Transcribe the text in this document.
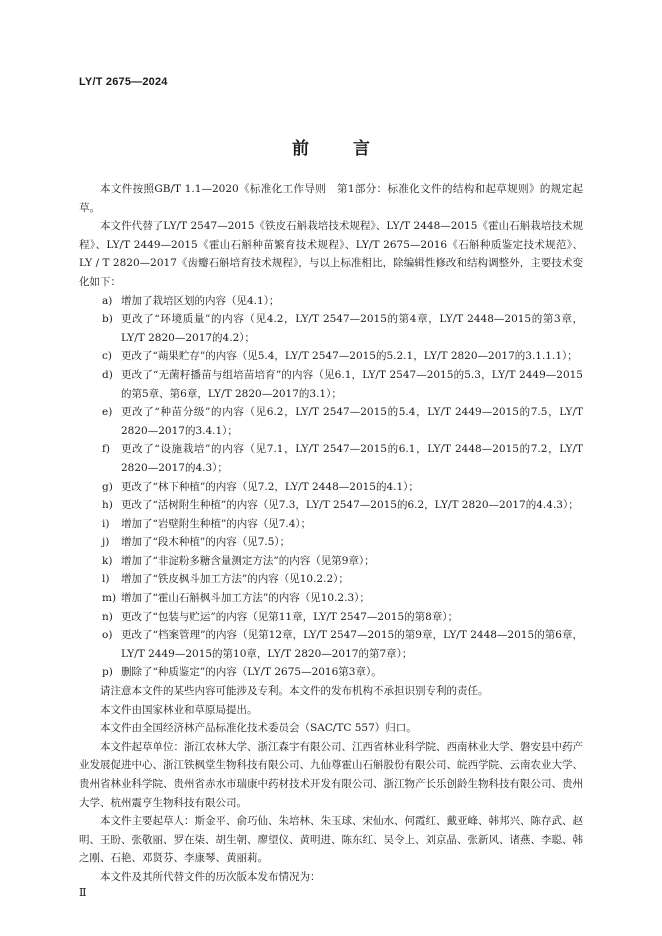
LY/T 2675—2024
前	言

本文件按照GB/T 1.1—2020《标准化工作导则　第1部分：标准化文件的结构和起草规则》的规定起草。

本文件代替了LY/T 2547—2015《铁皮石斛栽培技术规程》、LY/T 2448—2015《霍山石斛栽培技术规程》、LY/T 2449—2015《霍山石斛种苗繁育技术规程》、LY/T 2675—2016《石斛种质鉴定技术规范》、LY / T 2820—2017《齿瓣石斛培育技术规程》，与以上标准相比，除编辑性修改和结构调整外，主要技术变化如下：

a) 增加了栽培区划的内容（见4.1）；
b) 更改了“环境质量”的内容（见4.2，LY/T 2547—2015的第4章，LY/T 2448—2015的第3章，LY/T 2820—2017的4.2）；
c) 更改了“蒴果贮存”的内容（见5.4，LY/T 2547—2015的5.2.1，LY/T 2820—2017的3.1.1.1）；
d) 更改了“无菌籽播苗与组培苗培育”的内容（见6.1，LY/T 2547—2015的5.3，LY/T 2449—2015的第5章、第6章，LY/T 2820—2017的3.1）；
e) 更改了“种苗分级”的内容（见6.2，LY/T 2547—2015的5.4，LY/T 2449—2015的7.5，LY/T 2820—2017的3.4.1）；
f) 更改了“设施栽培”的内容（见7.1，LY/T 2547—2015的6.1，LY/T 2448—2015的7.2，LY/T 2820—2017的4.3）；
g) 更改了“林下种植”的内容（见7.2，LY/T 2448—2015的4.1）；
h) 更改了“活树附生种植”的内容（见7.3，LY/T 2547—2015的6.2，LY/T 2820—2017的4.4.3）；
i) 增加了“岩壁附生种植”的内容（见7.4）；
j) 增加了“段木种植”的内容（见7.5）；
k) 增加了“非淀粉多糖含量测定方法”的内容（见第9章）；
l) 增加了“铁皮枫斗加工方法”的内容（见10.2.2）；
m) 增加了“霍山石斛枫斗加工方法”的内容（见10.2.3）；
n) 更改了“包装与贮运”的内容（见第11章，LY/T 2547—2015的第8章）；
o) 更改了“档案管理”的内容（见第12章，LY/T 2547—2015的第9章，LY/T 2448—2015的第6章，LY/T 2449—2015的第10章，LY/T 2820—2017的第7章）；
p) 删除了“种质鉴定”的内容（LY/T 2675—2016第3章）。

请注意本文件的某些内容可能涉及专利。本文件的发布机构不承担识别专利的责任。

本文件由国家林业和草原局提出。

本文件由全国经济林产品标准化技术委员会（SAC/TC 557）归口。

本文件起草单位：浙江农林大学、浙江森宇有限公司、江西省林业科学院、西南林业大学、磐安县中药产业发展促进中心、浙江铁枫堂生物科技有限公司、九仙尊霍山石斛股份有限公司、皖西学院、云南农业大学、贵州省林业科学院、贵州省赤水市瑞康中药材技术开发有限公司、浙江物产长乐创龄生物科技有限公司、贵州大学、杭州震亨生物科技有限公司。

本文件主要起草人：斯金平、俞巧仙、朱培林、朱玉球、宋仙水、何霞红、戴亚峰、韩邦兴、陈存武、赵明、王盼、张敬丽、罗在柒、胡生朝、廖望仪、黄明进、陈东红、吴令上、刘京晶、张新风、诸燕、李聪、韩之刚、石艳、邓贤芬、李康琴、黄丽莉。

本文件及其所代替文件的历次版本发布情况为：

Ⅱ
